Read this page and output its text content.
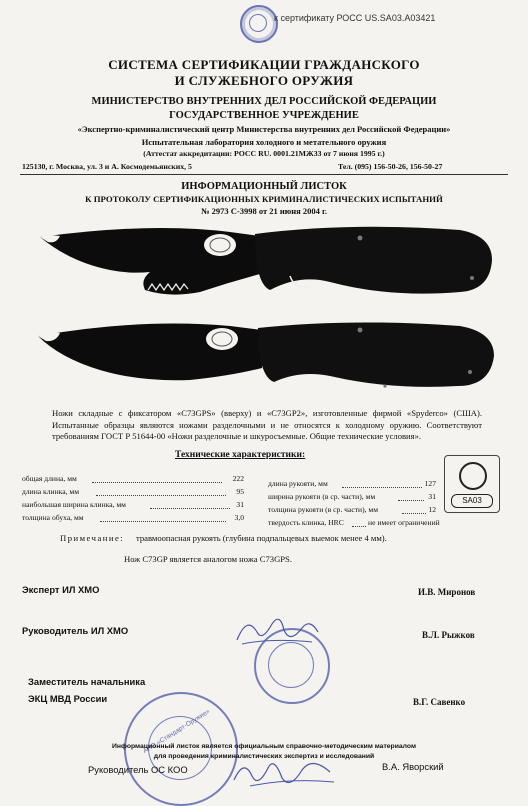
к сертификату РОСС US.SA03.A03421
СИСТЕМА СЕРТИФИКАЦИИ ГРАЖДАНСКОГО
И СЛУЖЕБНОГО ОРУЖИЯ
МИНИСТЕРСТВО ВНУТРЕННИХ ДЕЛ РОССИЙСКОЙ ФЕДЕРАЦИИ
ГОСУДАРСТВЕННОЕ УЧРЕЖДЕНИЕ
«Экспертно-криминалистический центр Министерства внутренних дел Российской Федерации»
Испытательная лаборатория холодного и метательного оружия
(Аттестат аккредитации: РОСС RU. 0001.21МЖ33 от 7 июня 1995 г.)
125130, г. Москва, ул. 3 и А. Космодемьянских, 5	Тел. (095) 156-50-26, 156-50-27
ИНФОРМАЦИОННЫЙ ЛИСТОК
К ПРОТОКОЛУ СЕРТИФИКАЦИОННЫХ КРИМИНАЛИСТИЧЕСКИХ ИСПЫТАНИЙ
№ 2973 С-3998 от 21 июня 2004 г.
Ножи складные с фиксатором «C73GPS» (вверху) и «C73GP2», изготовленные фирмой «Spyderco» (США). Испытанные образцы являются ножами разделочными и не относятся к холодному оружию. Соответствуют требованиям ГОСТ Р 51644-00 «Ножи разделочные и шкуросъемные. Общие технические условия».
Технические характеристики:
общая длина, мм	222
длина клинка, мм	95
наибольшая ширина клинка, мм	31
толщина обуха, мм	3,0
длина рукояти, мм	127
ширина рукояти (в ср. части), мм	31
толщина рукояти (в ср. части), мм	12
твердость клинка, HRC	не имеет ограничений
SA03
Примечание: травмоопасная рукоять (глубина подпальцевых выемок менее 4 мм).
Нож C73GP является аналогом ножа C73GPS.
Эксперт ИЛ ХМО	И.В. Миронов
Руководитель ИЛ ХМО	В.Л. Рыжков
Заместитель начальника
ЭКЦ МВД России	В.Г. Савенко
АНО «Стандарт-Оружие»
Информационный листок является официальным справочно-методическим материалом
для проведения криминалистических экспертиз и исследований
Руководитель ОС КОО	В.А. Яворский
